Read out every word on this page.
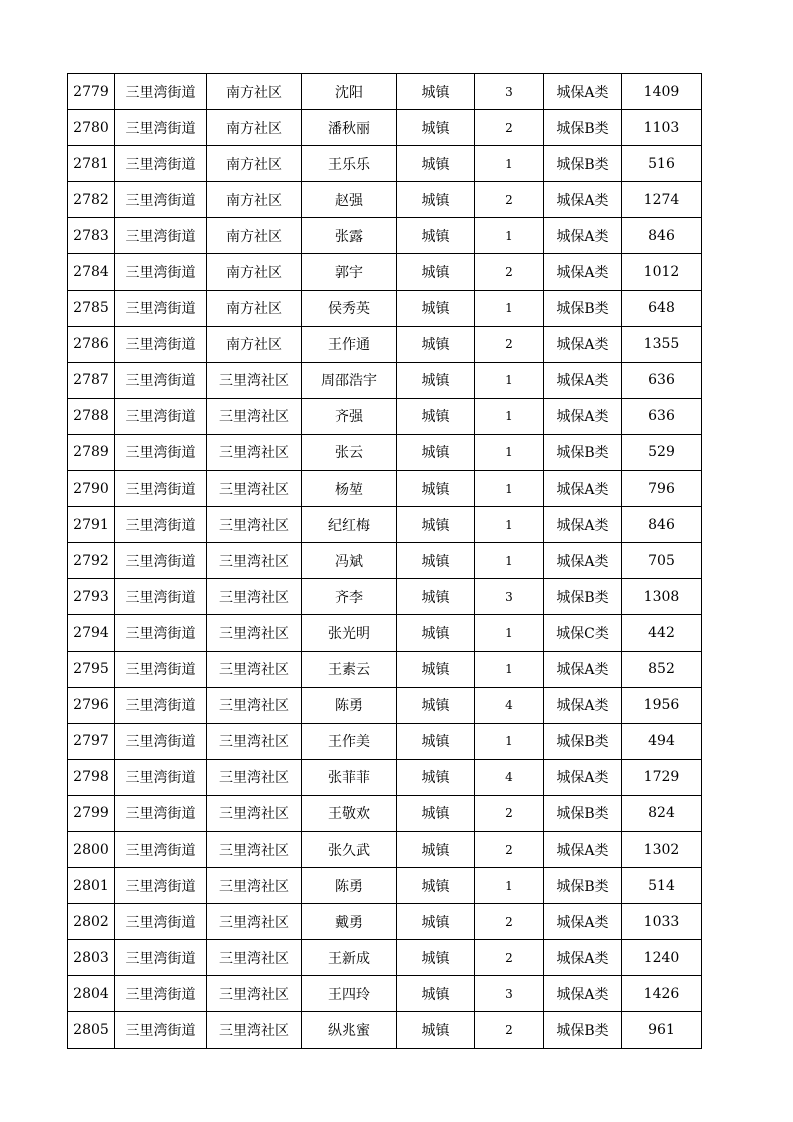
2779	三里湾街道	南方社区	沈阳	城镇	3	城保A类	1409
2780	三里湾街道	南方社区	潘秋丽	城镇	2	城保B类	1103
2781	三里湾街道	南方社区	王乐乐	城镇	1	城保B类	516
2782	三里湾街道	南方社区	赵强	城镇	2	城保A类	1274
2783	三里湾街道	南方社区	张露	城镇	1	城保A类	846
2784	三里湾街道	南方社区	郭宇	城镇	2	城保A类	1012
2785	三里湾街道	南方社区	侯秀英	城镇	1	城保B类	648
2786	三里湾街道	南方社区	王作通	城镇	2	城保A类	1355
2787	三里湾街道	三里湾社区	周邵浩宇	城镇	1	城保A类	636
2788	三里湾街道	三里湾社区	齐强	城镇	1	城保A类	636
2789	三里湾街道	三里湾社区	张云	城镇	1	城保B类	529
2790	三里湾街道	三里湾社区	杨堃	城镇	1	城保A类	796
2791	三里湾街道	三里湾社区	纪红梅	城镇	1	城保A类	846
2792	三里湾街道	三里湾社区	冯斌	城镇	1	城保A类	705
2793	三里湾街道	三里湾社区	齐李	城镇	3	城保B类	1308
2794	三里湾街道	三里湾社区	张光明	城镇	1	城保C类	442
2795	三里湾街道	三里湾社区	王素云	城镇	1	城保A类	852
2796	三里湾街道	三里湾社区	陈勇	城镇	4	城保A类	1956
2797	三里湾街道	三里湾社区	王作美	城镇	1	城保B类	494
2798	三里湾街道	三里湾社区	张菲菲	城镇	4	城保A类	1729
2799	三里湾街道	三里湾社区	王敬欢	城镇	2	城保B类	824
2800	三里湾街道	三里湾社区	张久武	城镇	2	城保A类	1302
2801	三里湾街道	三里湾社区	陈勇	城镇	1	城保B类	514
2802	三里湾街道	三里湾社区	戴勇	城镇	2	城保A类	1033
2803	三里湾街道	三里湾社区	王新成	城镇	2	城保A类	1240
2804	三里湾街道	三里湾社区	王四玲	城镇	3	城保A类	1426
2805	三里湾街道	三里湾社区	纵兆蜜	城镇	2	城保B类	961
